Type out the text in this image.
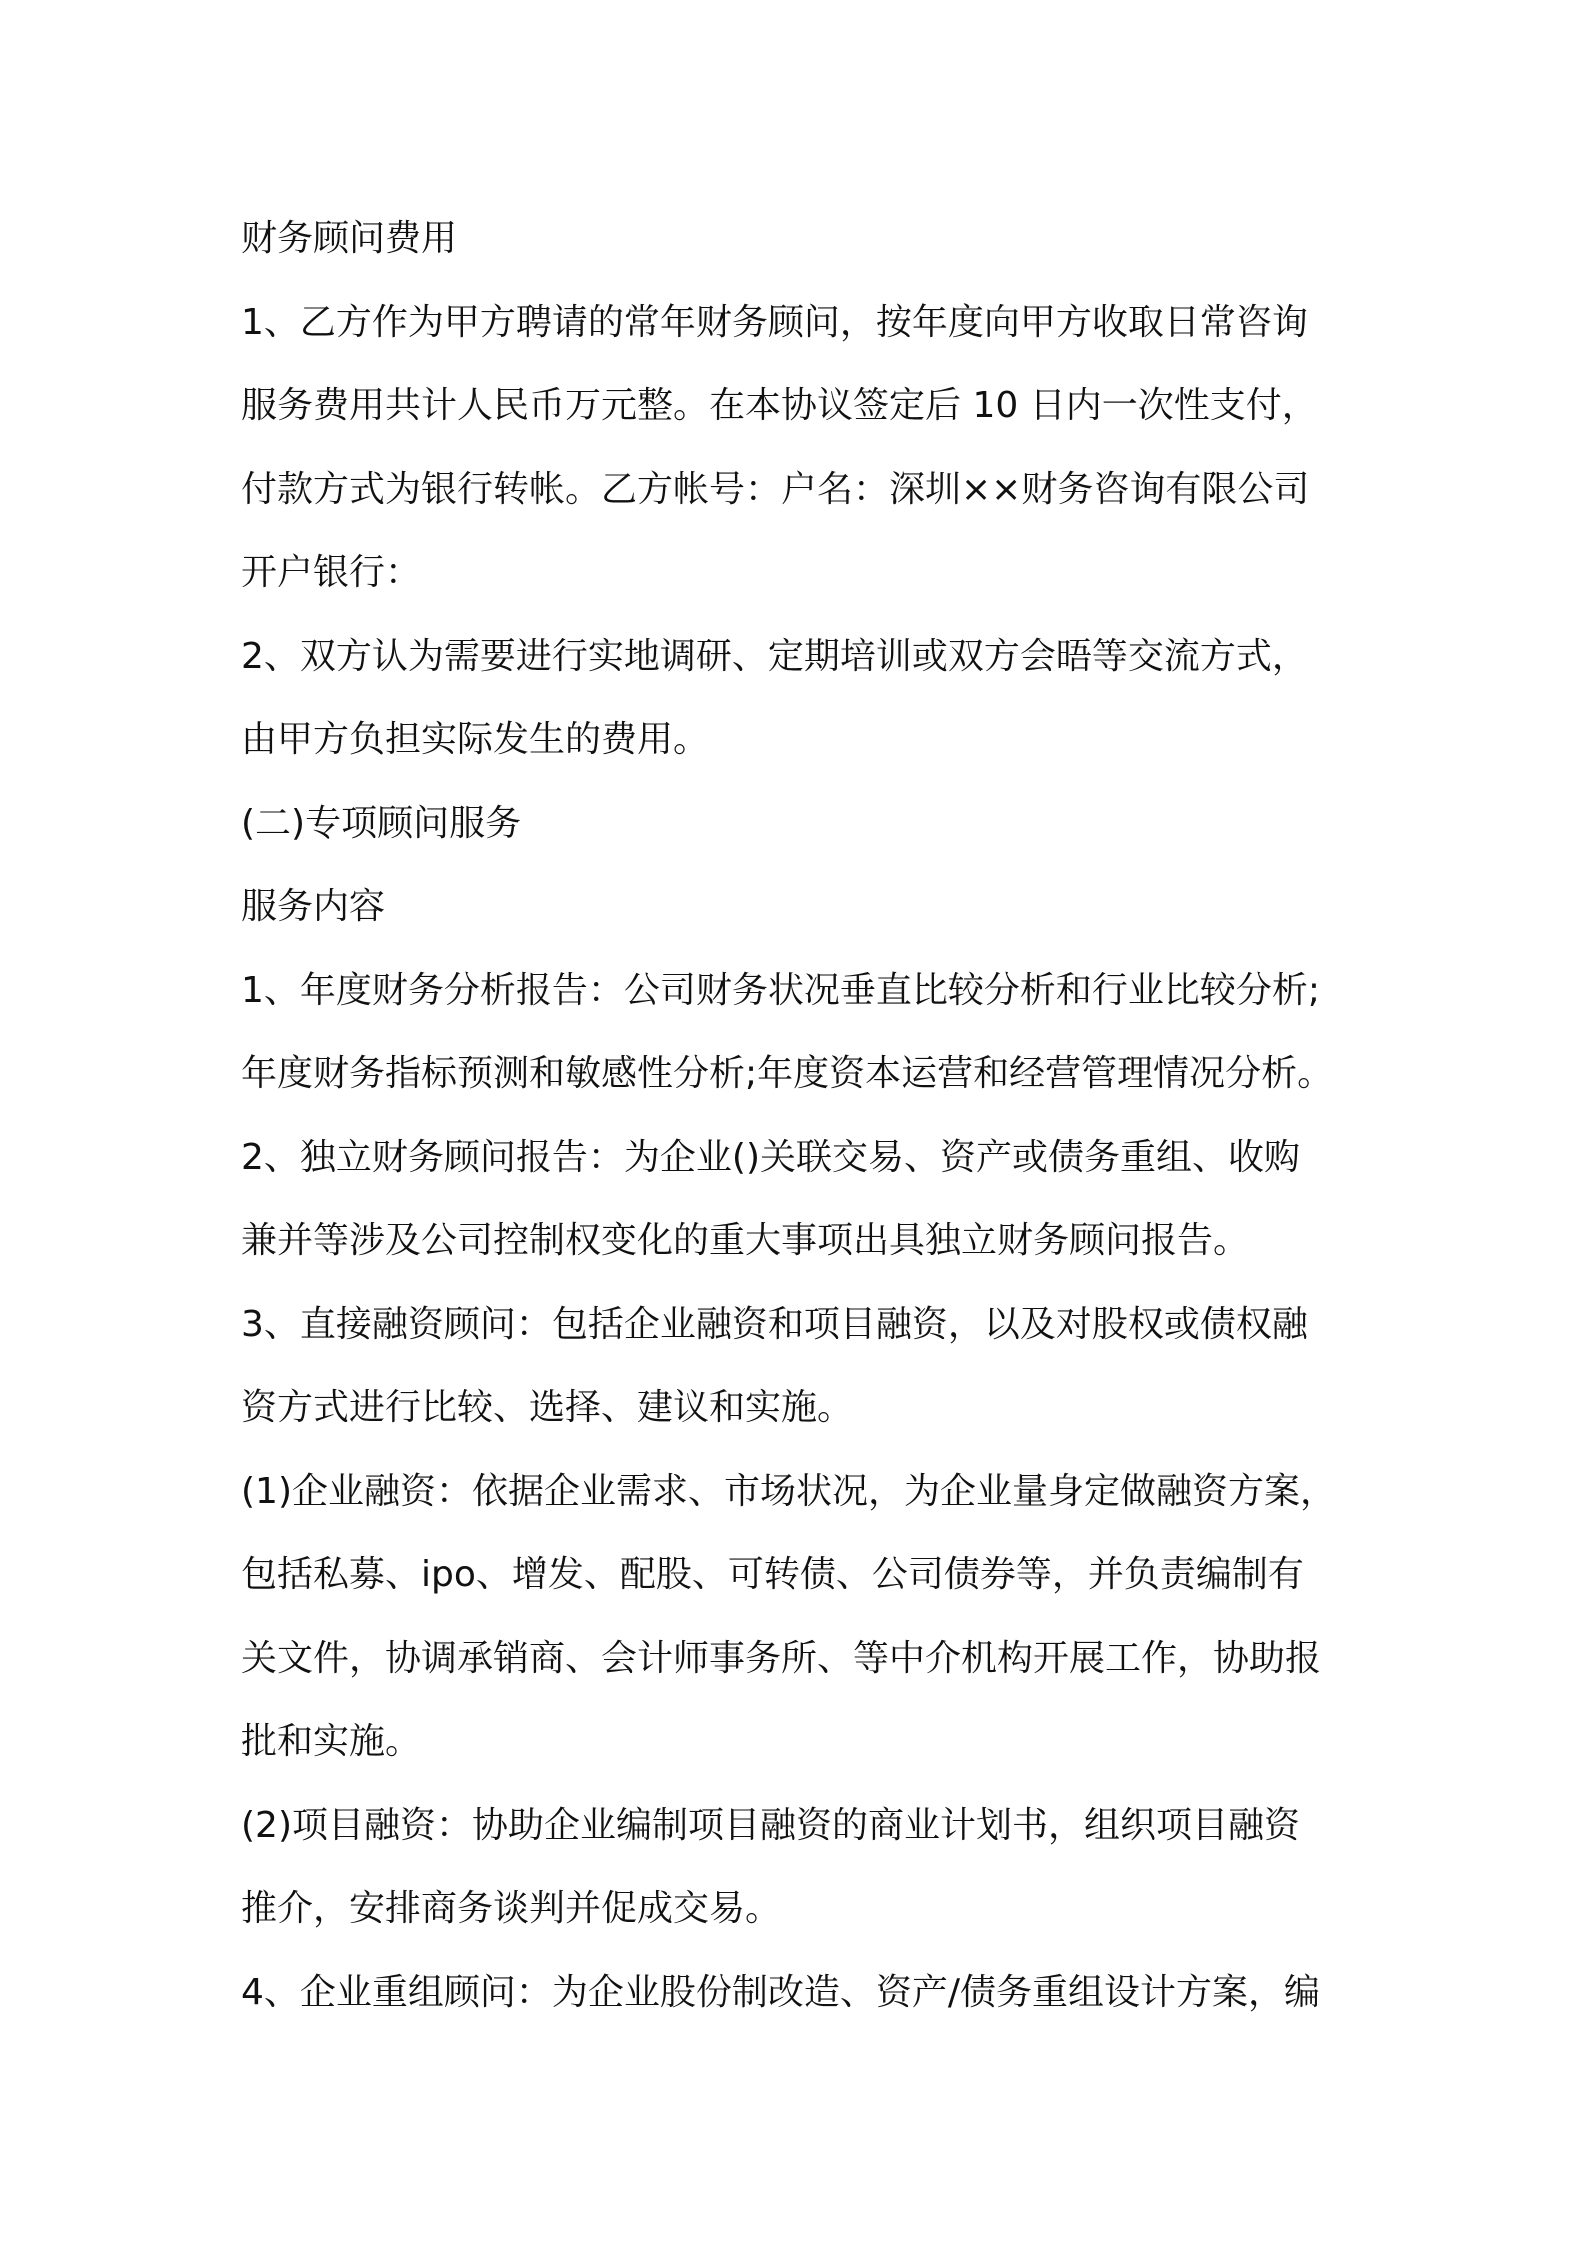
财务顾问费用
1、乙方作为甲方聘请的常年财务顾问，按年度向甲方收取日常咨询
服务费用共计人民币万元整。在本协议签定后 10 日内一次性支付，
付款方式为银行转帐。乙方帐号：户名：深圳××财务咨询有限公司
开户银行：
2、双方认为需要进行实地调研、定期培训或双方会晤等交流方式，
由甲方负担实际发生的费用。
(二)专项顾问服务
服务内容
1、年度财务分析报告：公司财务状况垂直比较分析和行业比较分析;
年度财务指标预测和敏感性分析;年度资本运营和经营管理情况分析。
2、独立财务顾问报告：为企业()关联交易、资产或债务重组、收购
兼并等涉及公司控制权变化的重大事项出具独立财务顾问报告。
3、直接融资顾问：包括企业融资和项目融资，以及对股权或债权融
资方式进行比较、选择、建议和实施。
(1)企业融资：依据企业需求、市场状况，为企业量身定做融资方案，
包括私募、ipo、增发、配股、可转债、公司债券等，并负责编制有
关文件，协调承销商、会计师事务所、等中介机构开展工作，协助报
批和实施。
(2)项目融资：协助企业编制项目融资的商业计划书，组织项目融资
推介，安排商务谈判并促成交易。
4、企业重组顾问：为企业股份制改造、资产/债务重组设计方案，编
